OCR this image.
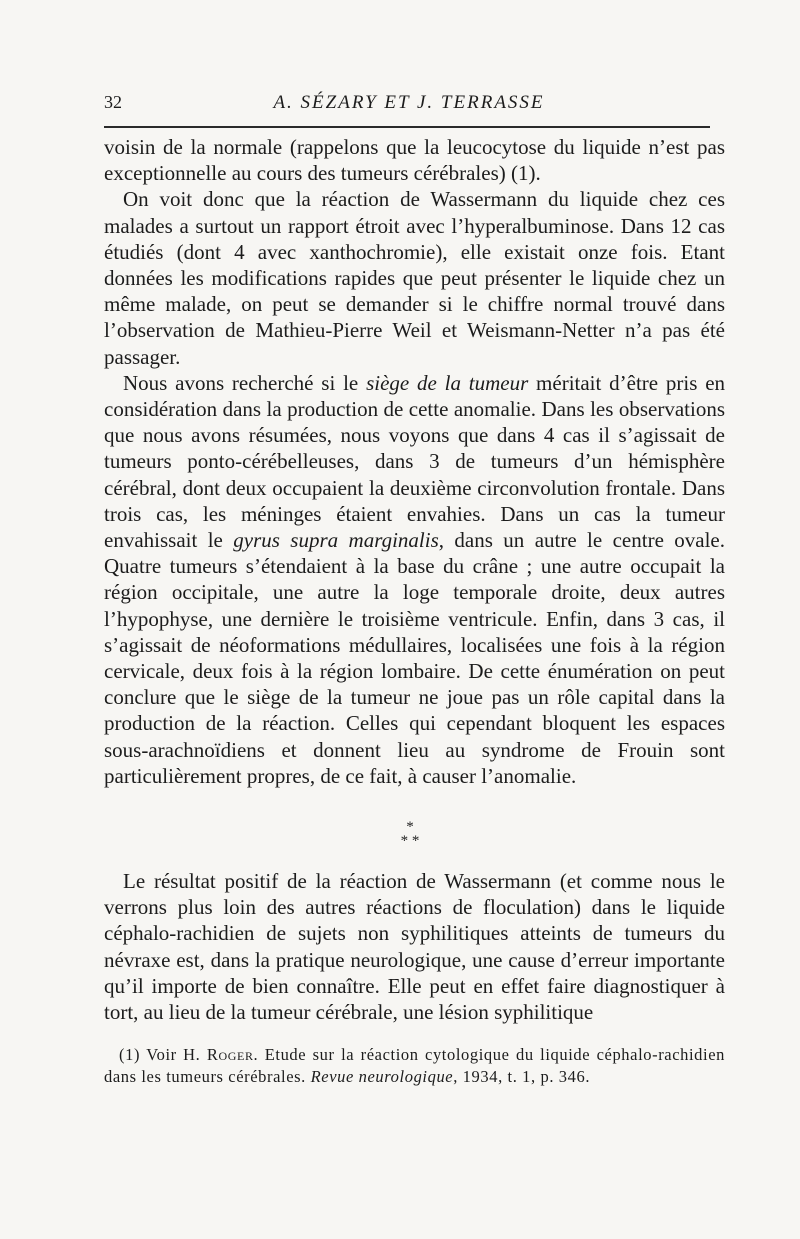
32	A. SÉZARY ET J. TERRASSE

voisin de la normale (rappelons que la leucocytose du liquide n’est pas exceptionnelle au cours des tumeurs cérébrales) (1).

On voit donc que la réaction de Wassermann du liquide chez ces malades a surtout un rapport étroit avec l’hyperalbuminose. Dans 12 cas étudiés (dont 4 avec xanthochromie), elle existait onze fois. Etant données les modifications rapides que peut présenter le liquide chez un même malade, on peut se demander si le chiffre normal trouvé dans l’observation de Mathieu-Pierre Weil et Weismann-Netter n’a pas été passager.

Nous avons recherché si le siège de la tumeur méritait d’être pris en considération dans la production de cette anomalie. Dans les observations que nous avons résumées, nous voyons que dans 4 cas il s’agissait de tumeurs ponto-cérébelleuses, dans 3 de tumeurs d’un hémisphère cérébral, dont deux occupaient la deuxième circonvolution frontale. Dans trois cas, les méninges étaient envahies. Dans un cas la tumeur envahissait le gyrus supra marginalis, dans un autre le centre ovale. Quatre tumeurs s’étendaient à la base du crâne ; une autre occupait la région occipitale, une autre la loge temporale droite, deux autres l’hypophyse, une dernière le troisième ventricule. Enfin, dans 3 cas, il s’agissait de néoformations médullaires, localisées une fois à la région cervicale, deux fois à la région lombaire. De cette énumération on peut conclure que le siège de la tumeur ne joue pas un rôle capital dans la production de la réaction. Celles qui cependant bloquent les espaces sous-arachnoïdiens et donnent lieu au syndrome de Frouin sont particulièrement propres, de ce fait, à causer l’anomalie.

*
* *

Le résultat positif de la réaction de Wassermann (et comme nous le verrons plus loin des autres réactions de floculation) dans le liquide céphalo-rachidien de sujets non syphilitiques atteints de tumeurs du névraxe est, dans la pratique neurologique, une cause d’erreur importante qu’il importe de bien connaître. Elle peut en effet faire diagnostiquer à tort, au lieu de la tumeur cérébrale, une lésion syphilitique

(1) Voir H. Roger. Etude sur la réaction cytologique du liquide céphalo-rachidien dans les tumeurs cérébrales. Revue neurologique, 1934, t. 1, p. 346.
